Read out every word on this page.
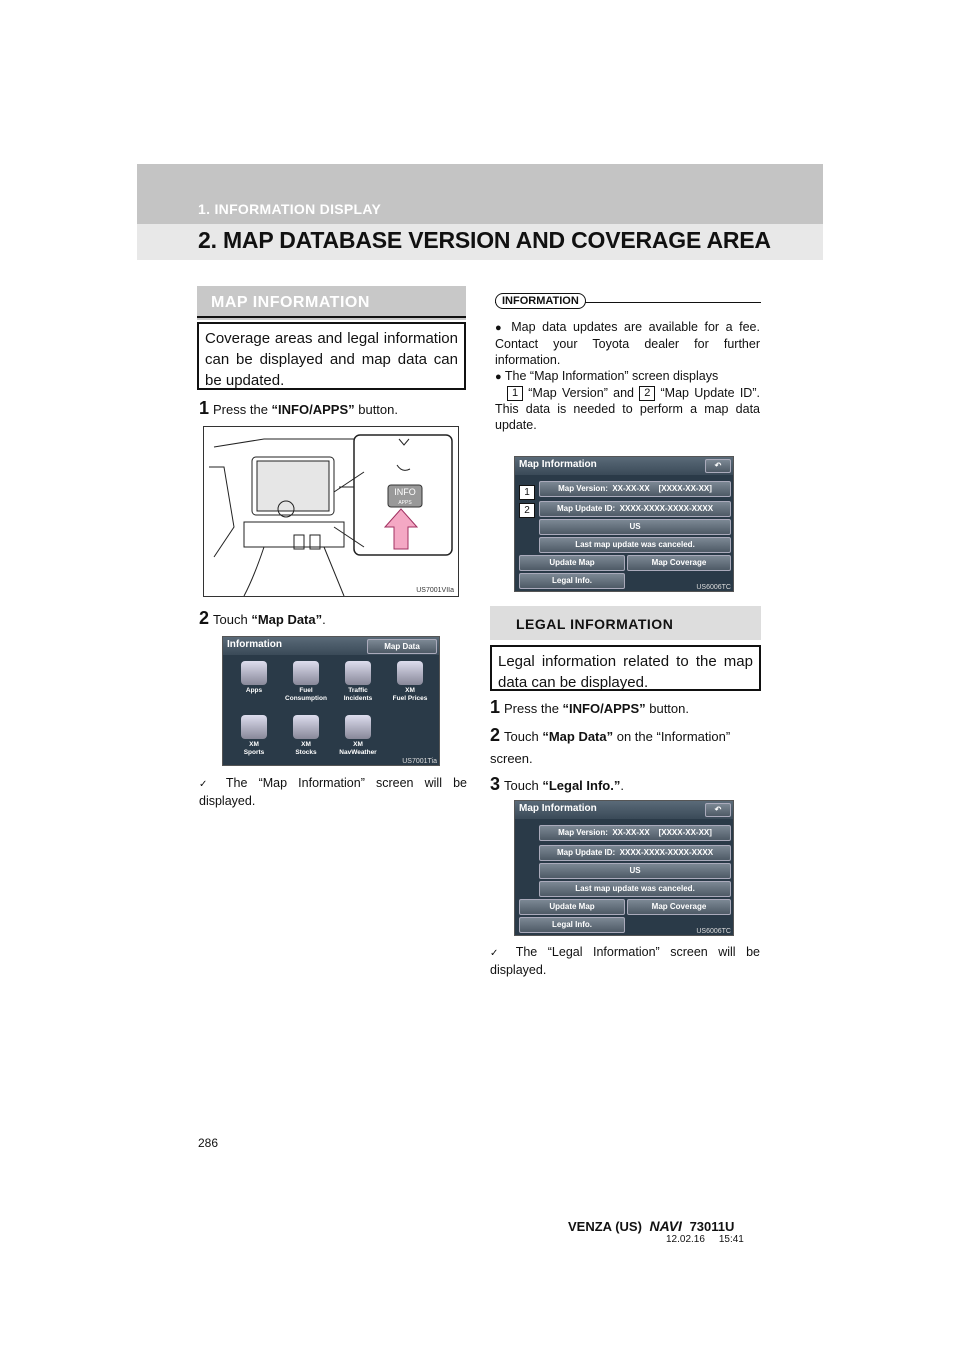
1. INFORMATION DISPLAY
2. MAP DATABASE VERSION AND COVERAGE AREA
MAP INFORMATION
Coverage areas and legal information can be displayed and map data can be updated.
1 Press the “INFO/APPS” button.
INFO
APPS
US7001VIIa
2 Touch “Map Data”.
Information	Map Data
Apps	Fuel
Consumption
Traffic
Incidents
XM
Fuel Prices
XM
Sports
XM
Stocks
XM
NavWeather
US7001Tia
✓ The “Map Information” screen will be displayed.
INFORMATION
● Map data updates are available for a fee. Contact your Toyota dealer for further information.
● The “Map Information” screen displays
1 “Map Version” and 2 “Map Update ID”. This data is needed to perform a map data update.
Map Information	↶
Map Version: XX-XX-XX    [XXXX-XX-XX]
Map Update ID: XXXX-XXXX-XXXX-XXXX
US
Last map update was canceled.
Update Map	Map Coverage
Legal Info.
US6006TC
1
2
LEGAL INFORMATION
Legal information related to the map data can be displayed.
1 Press the “INFO/APPS” button.
2 Touch “Map Data” on the “Information” screen.
3 Touch “Legal Info.”.
Map Information	↶
Map Version: XX-XX-XX    [XXXX-XX-XX]
Map Update ID: XXXX-XXXX-XXXX-XXXX
US
Last map update was canceled.
Update Map	Map Coverage
Legal Info.
US6006TC
✓ The “Legal Information” screen will be displayed.
286
VENZA (US) NAVI 73011U
12.02.16     15:41
